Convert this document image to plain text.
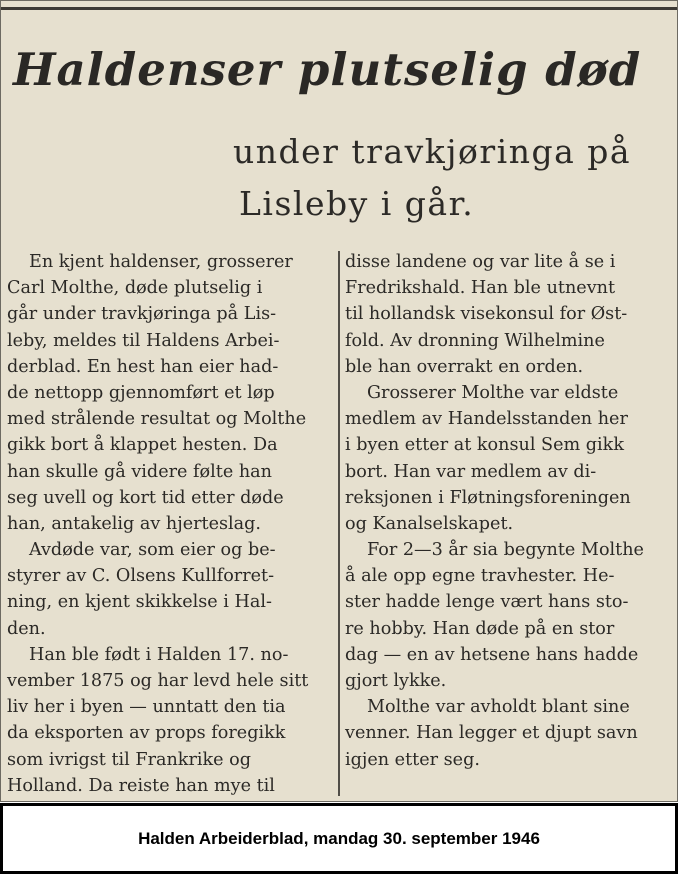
Haldenser plutselig død
under travkjøringa på
Lisleby i går.
En kjent haldenser, grosserer
Carl Molthe, døde plutselig i
går under travkjøringa på Lis-
leby, meldes til Haldens Arbei-
derblad. En hest han eier had-
de nettopp gjennomført et løp
med strålende resultat og Molthe
gikk bort å klappet hesten. Da
han skulle gå videre følte han
seg uvell og kort tid etter døde
han, antakelig av hjerteslag.
Avdøde var, som eier og be-
styrer av C. Olsens Kullforret-
ning, en kjent skikkelse i Hal-
den.
Han ble født i Halden 17. no-
vember 1875 og har levd hele sitt
liv her i byen — unntatt den tia
da eksporten av props foregikk
som ivrigst til Frankrike og
Holland. Da reiste han mye til
disse landene og var lite å se i
Fredrikshald. Han ble utnevnt
til hollandsk visekonsul for Øst-
fold. Av dronning Wilhelmine
ble han overrakt en orden.
Grosserer Molthe var eldste
medlem av Handelsstanden her
i byen etter at konsul Sem gikk
bort. Han var medlem av di-
reksjonen i Fløtningsforeningen
og Kanalselskapet.
For 2—3 år sia begynte Molthe
å ale opp egne travhester. He-
ster hadde lenge vært hans sto-
re hobby. Han døde på en stor
dag — en av hetsene hans hadde
gjort lykke.
Molthe var avholdt blant sine
venner. Han legger et djupt savn
igjen etter seg.
Halden Arbeiderblad, mandag 30. september 1946
